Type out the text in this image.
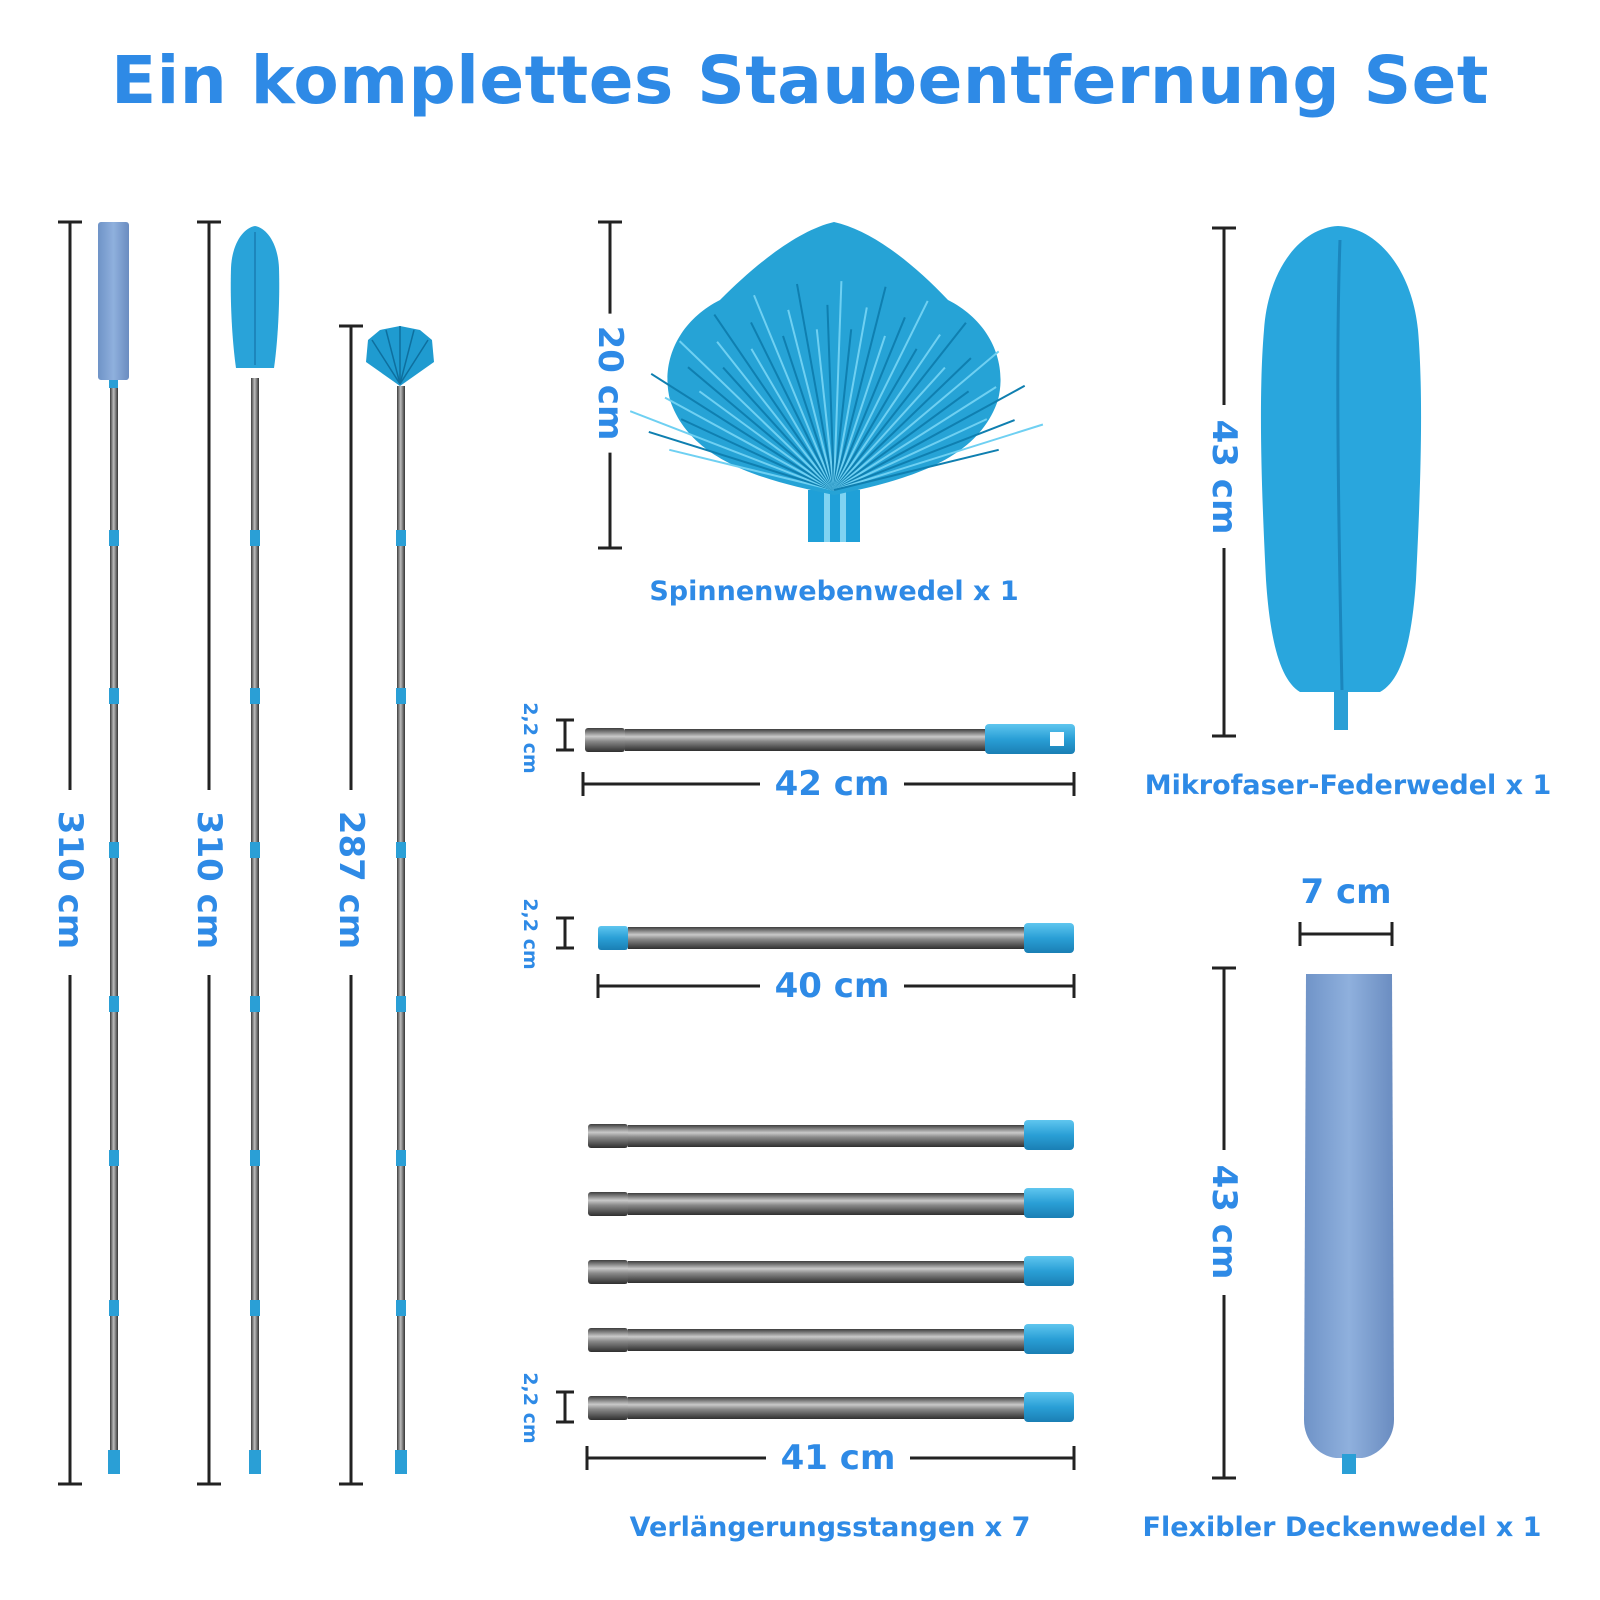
Ein komplettes Staubentfernung Set
310 cm	310 cm	287 cm
20 cm
Spinnenwebenwedel x 1
43 cm
Mikrofaser-Federwedel x 1
2,2 cm
42 cm
2,2 cm
40 cm
2,2 cm
41 cm
Verlängerungsstangen x 7
7 cm
43 cm
Flexibler Deckenwedel x 1
